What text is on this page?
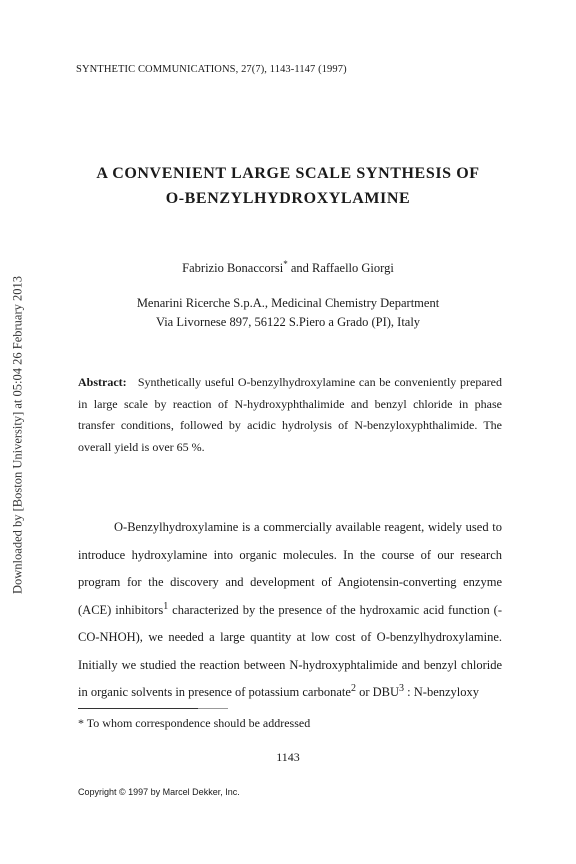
Downloaded by [Boston University] at 05:04 26 February 2013
SYNTHETIC COMMUNICATIONS, 27(7), 1143-1147 (1997)
A CONVENIENT LARGE SCALE SYNTHESIS OF
O-BENZYLHYDROXYLAMINE
Fabrizio Bonaccorsi* and Raffaello Giorgi
Menarini Ricerche S.p.A., Medicinal Chemistry Department
Via Livornese 897, 56122 S.Piero a Grado (PI), Italy
Abstract: Synthetically useful O-benzylhydroxylamine can be conveniently prepared in large scale by reaction of N-hydroxyphthalimide and benzyl chloride in phase transfer conditions, followed by acidic hydrolysis of N-benzyloxyphthalimide. The overall yield is over 65 %.

O-Benzylhydroxylamine is a commercially available reagent, widely used to introduce hydroxylamine into organic molecules. In the course of our research program for the discovery and development of Angiotensin-converting enzyme (ACE) inhibitors$^1$ characterized by the presence of the hydroxamic acid function (-CO-NHOH), we needed a large quantity at low cost of O-benzylhydroxylamine. Initially we studied the reaction between N-hydroxyphtalimide and benzyl chloride in organic solvents in presence of potassium carbonate$^2$ or DBU$^3$ : N-benzyloxy

* To whom correspondence should be addressed
1143
Copyright © 1997 by Marcel Dekker, Inc.
